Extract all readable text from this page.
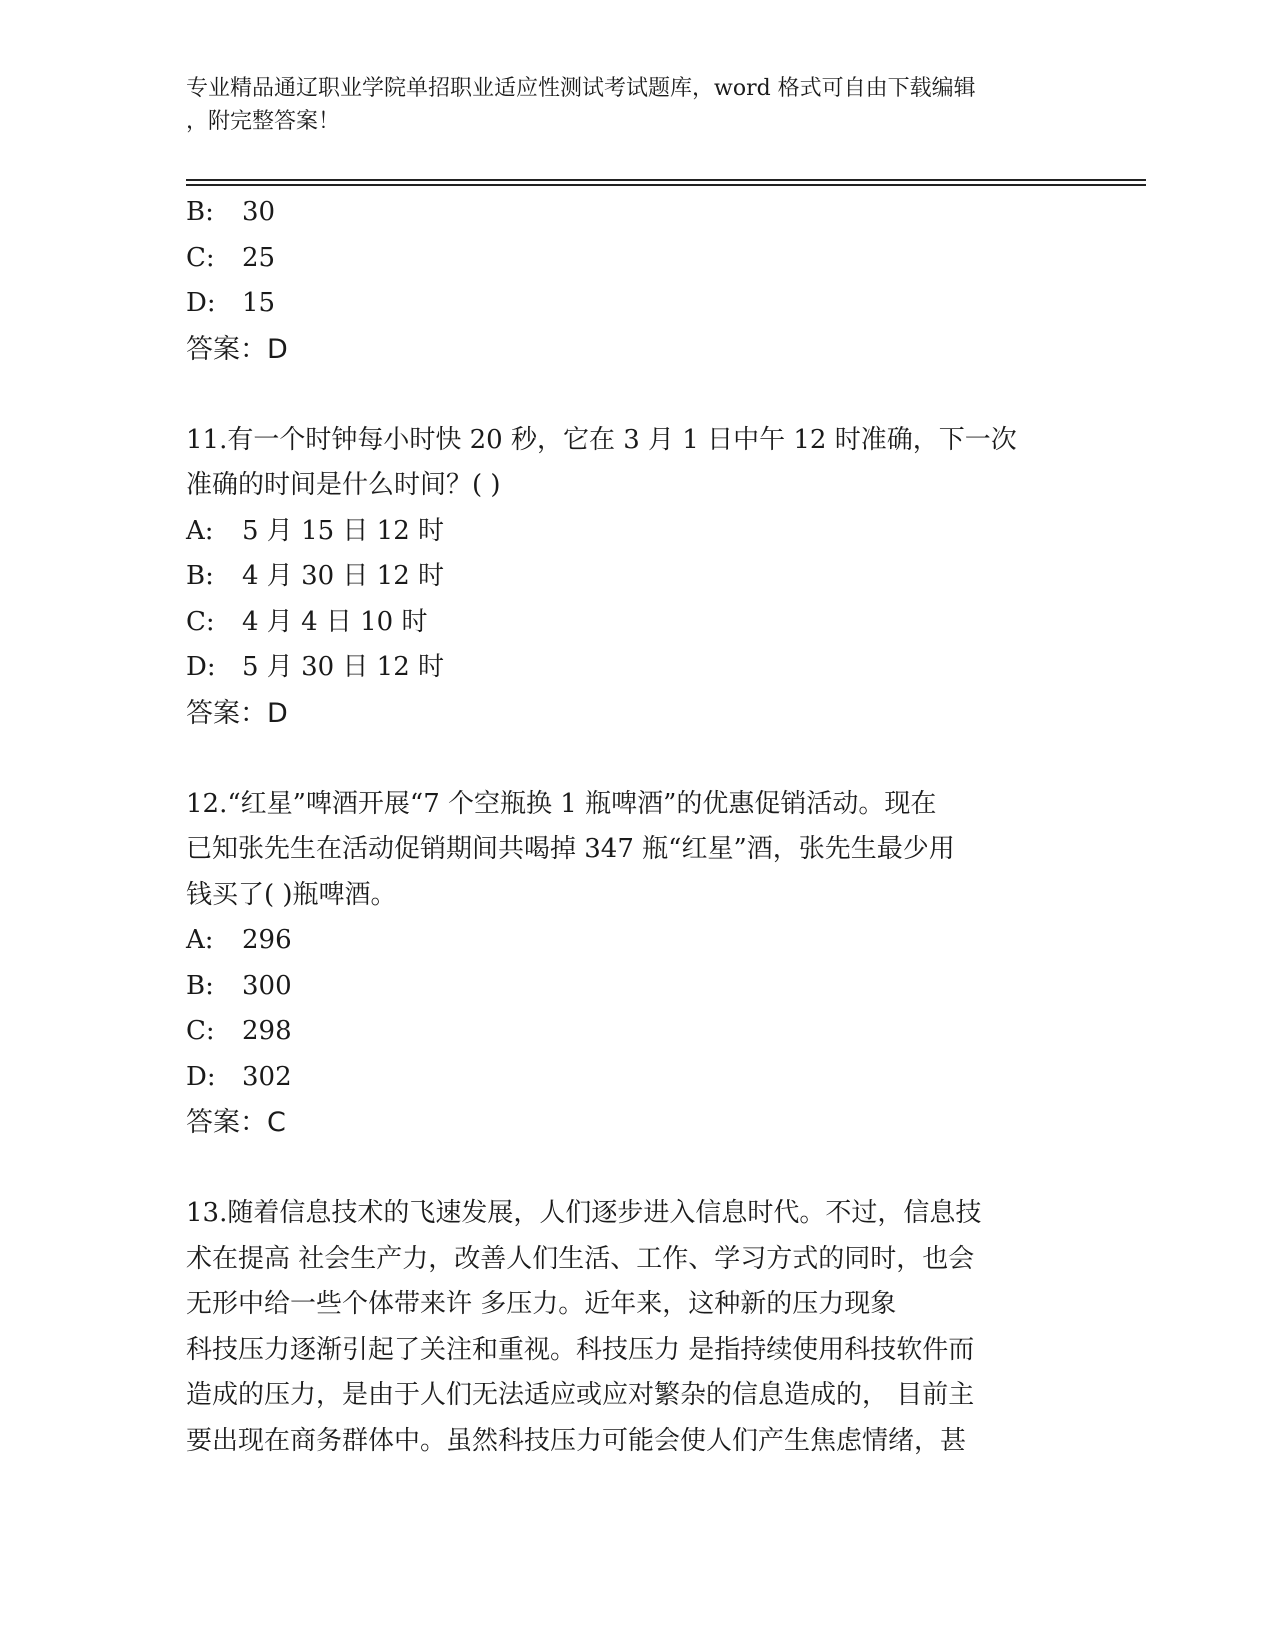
专业精品通辽职业学院单招职业适应性测试考试题库，word 格式可自由下载编辑
，附完整答案！
B:	30
C:	25
D:	15
答案：D
11.有一个时钟每小时快 20 秒，它在 3 月 1 日中午 12 时准确，下一次
准确的时间是什么时间？( )
A:	5 月 15 日 12 时
B:	4 月 30 日 12 时
C:	4 月 4 日 10 时
D:	5 月 30 日 12 时
答案：D
12.“红星”啤酒开展“7 个空瓶换 1 瓶啤酒”的优惠促销活动。现在
已知张先生在活动促销期间共喝掉 347 瓶“红星”酒，张先生最少用
钱买了( )瓶啤酒。
A:	296
B:	300
C:	298
D:	302
答案：C
13.随着信息技术的飞速发展，人们逐步进入信息时代。不过，信息技
术在提高 社会生产力，改善人们生活、工作、学习方式的同时，也会
无形中给一些个体带来许 多压力。近年来，这种新的压力现象
科技压力逐渐引起了关注和重视。科技压力 是指持续使用科技软件而
造成的压力，是由于人们无法适应或应对繁杂的信息造成的， 目前主
要出现在商务群体中。虽然科技压力可能会使人们产生焦虑情绪，甚
